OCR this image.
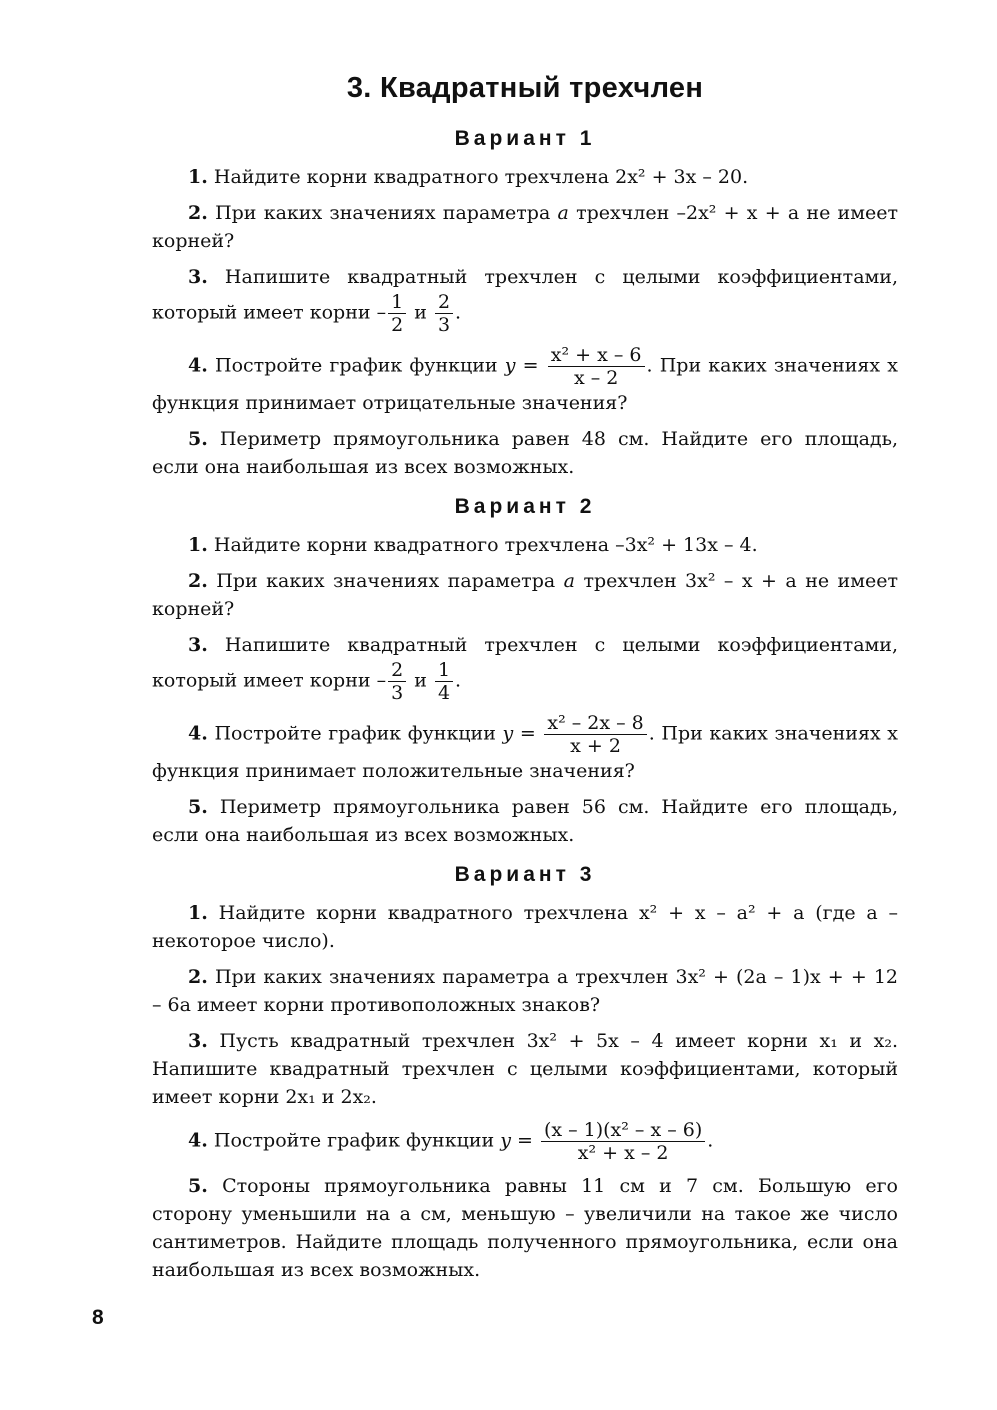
3. Квадратный трехчлен
Вариант 1

1. Найдите корни квадратного трехчлена 2x² + 3x – 20.

2. При каких значениях параметра a трехчлен –2x² + x + a не имеет корней?

3. Напишите квадратный трехчлен с целыми коэффициентами, который имеет корни – $\frac{1}{2}$ и $\frac{2}{3}$ .

4. Постройте график функции $y = \frac{\text{x² + x – 6}}{x - 2}$ . При каких значениях x функция принимает отрицательные значения?

5. Периметр прямоугольника равен 48 см. Найдите его площадь, если она наибольшая из всех возможных.

Вариант 2

1. Найдите корни квадратного трехчлена –3x² + 13x – 4.

2. При каких значениях параметра a трехчлен 3x² – x + a не имеет корней?

3. Напишите квадратный трехчлен с целыми коэффициентами, который имеет корни – $\frac{2}{3}$ и $\frac{1}{4}$ .

4. Постройте график функции $y = \frac{\text{x² – 2x – 8}}{x + 2}$ . При каких значениях x функция принимает положительные значения?

5. Периметр прямоугольника равен 56 см. Найдите его площадь, если она наибольшая из всех возможных.

Вариант 3

1. Найдите корни квадратного трехчлена x² + x – a² + a (где a – некоторое число).

2. При каких значениях параметра a трехчлен 3x² + (2a – 1)x + + 12 – 6a имеет корни противоположных знаков?

3. Пусть квадратный трехчлен 3x² + 5x – 4 имеет корни x₁ и x₂. Напишите квадратный трехчлен с целыми коэффициентами, который имеет корни 2x₁ и 2x₂.

4. Постройте график функции $y = \frac{\text{(x – 1)(x² – x – 6)}}{\text{x² + x – 2}}$ .

5. Стороны прямоугольника равны 11 см и 7 см. Большую его сторону уменьшили на a см, меньшую – увеличили на такое же число сантиметров. Найдите площадь полученного прямоугольника, если она наибольшая из всех возможных.

8
